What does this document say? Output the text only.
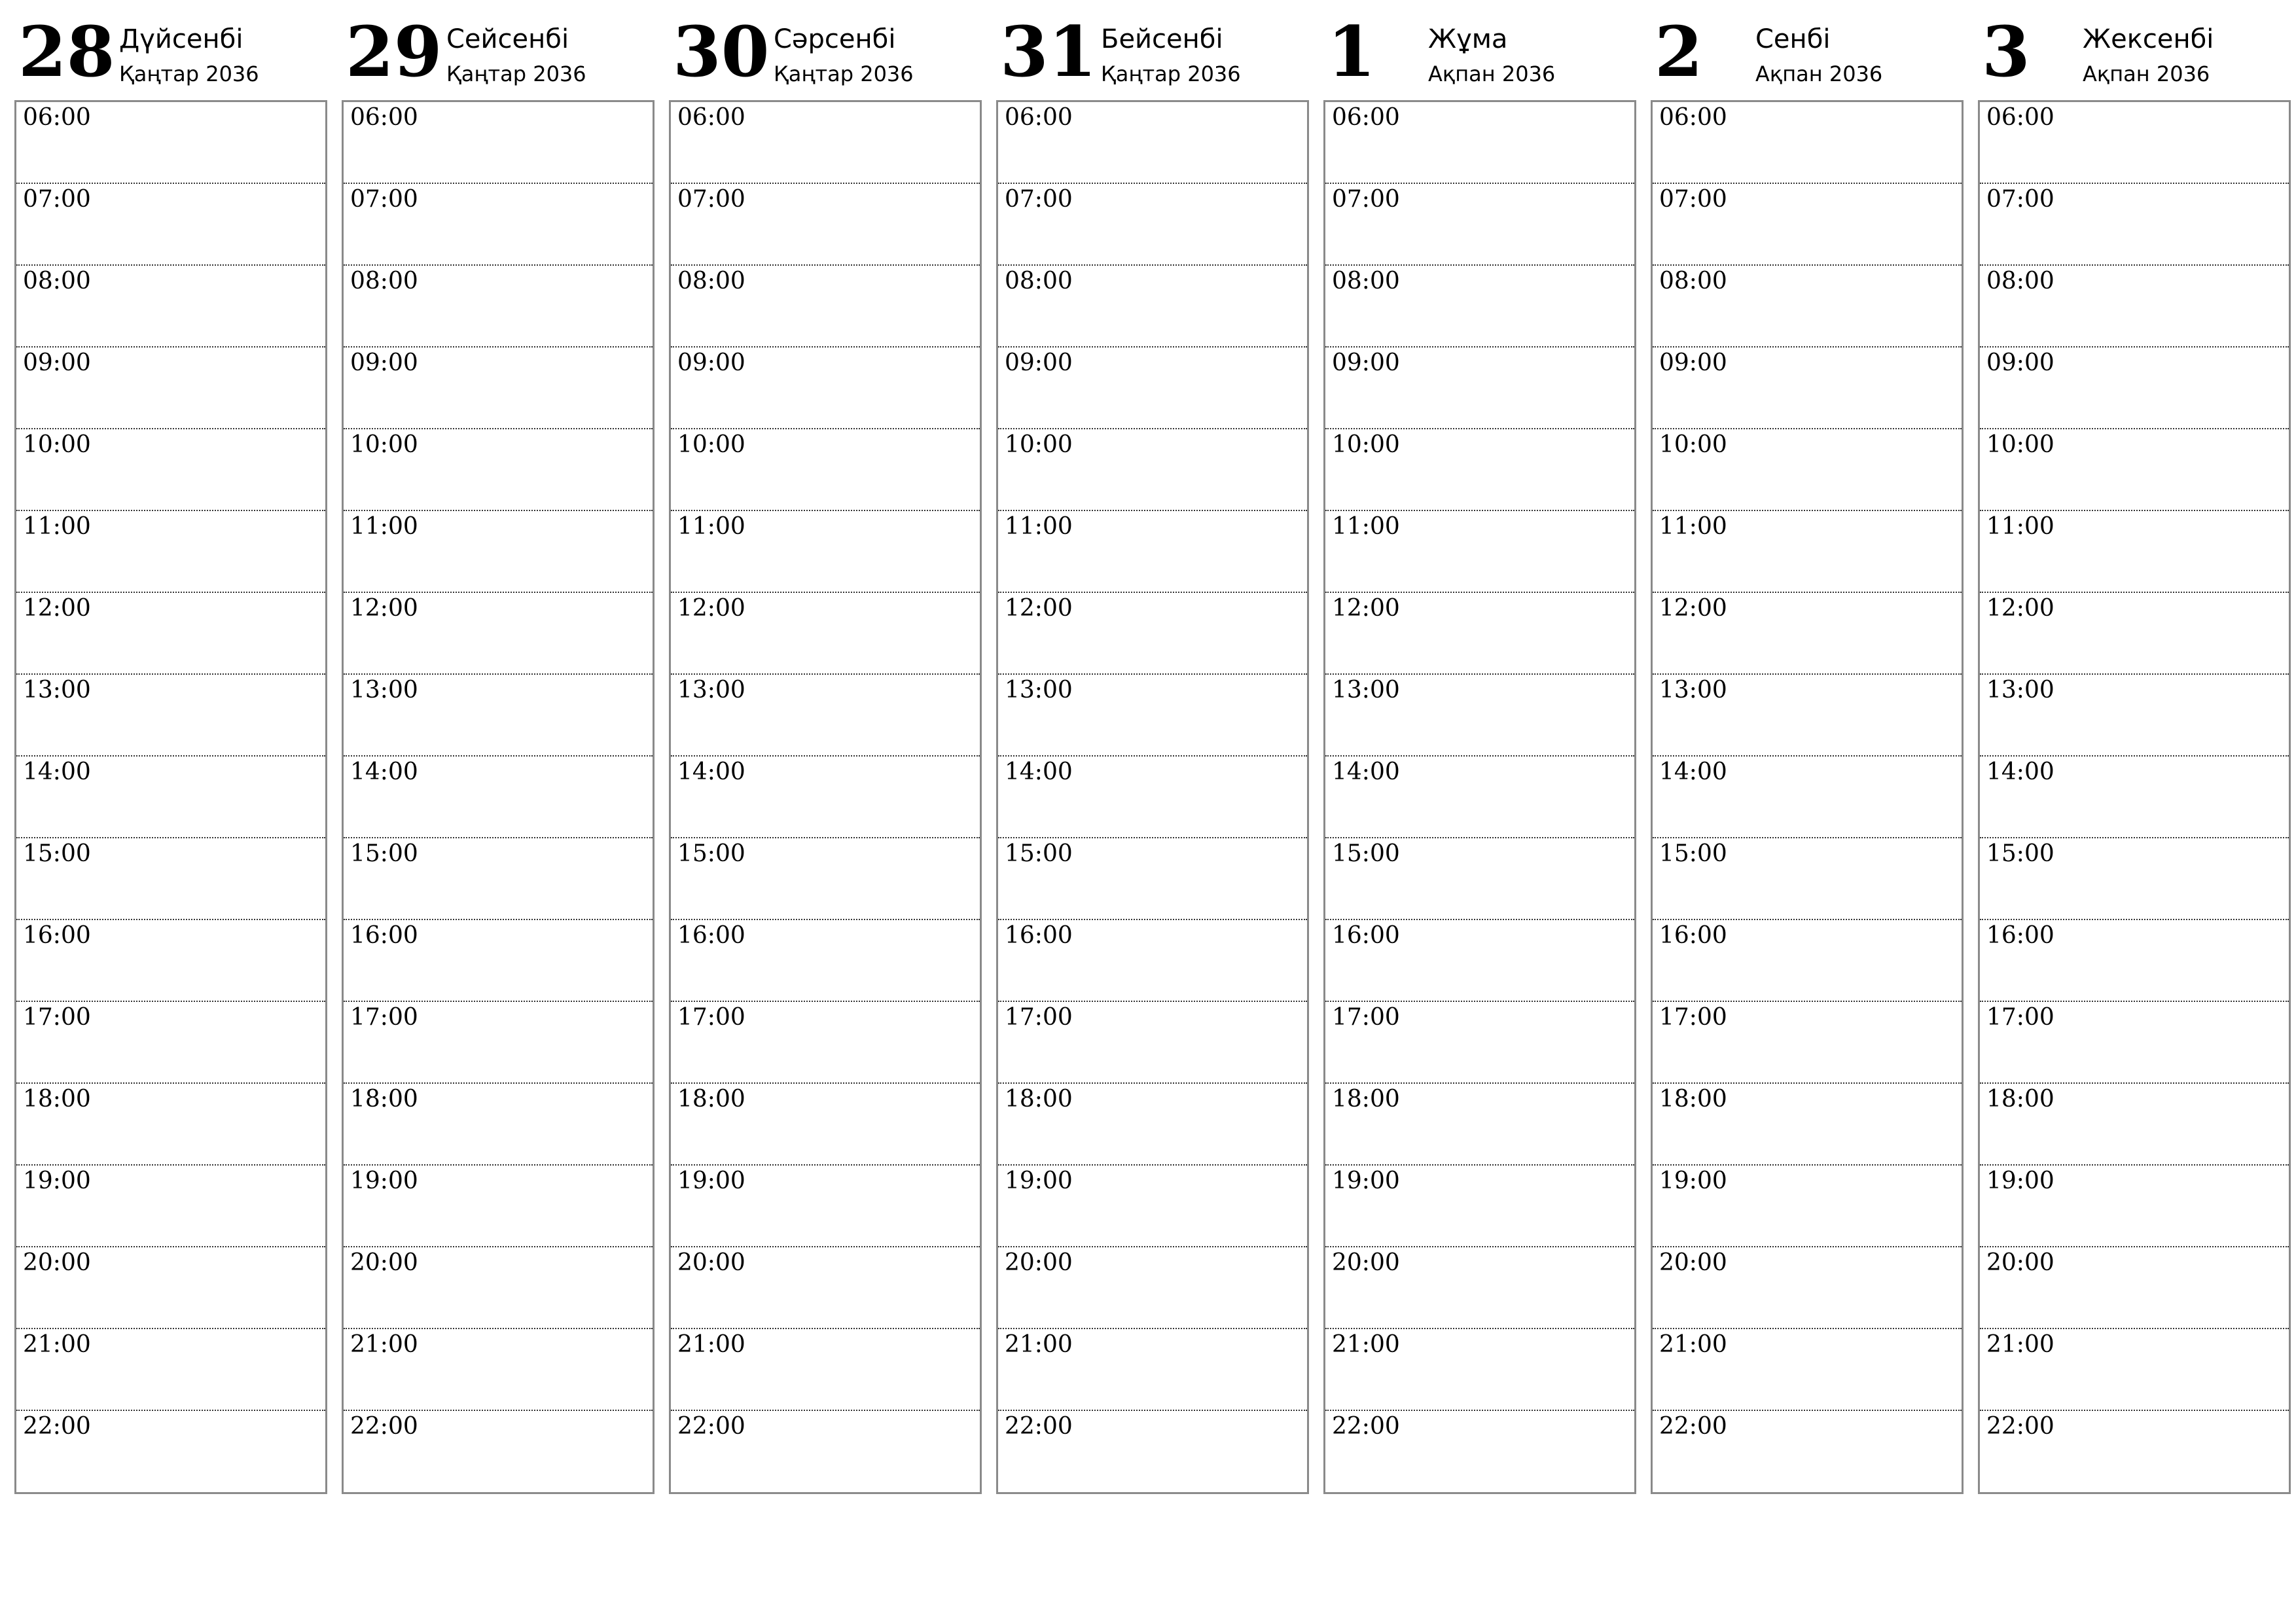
28 Дүйсенбі
Қаңтар 2036
06:00
07:00
08:00
09:00
10:00
11:00
12:00
13:00
14:00
15:00
16:00
17:00
18:00
19:00
20:00
21:00
22:00
29 Сейсенбі
Қаңтар 2036
06:00
07:00
08:00
09:00
10:00
11:00
12:00
13:00
14:00
15:00
16:00
17:00
18:00
19:00
20:00
21:00
22:00
30 Сәрсенбі
Қаңтар 2036
06:00
07:00
08:00
09:00
10:00
11:00
12:00
13:00
14:00
15:00
16:00
17:00
18:00
19:00
20:00
21:00
22:00
31 Бейсенбі
Қаңтар 2036
06:00
07:00
08:00
09:00
10:00
11:00
12:00
13:00
14:00
15:00
16:00
17:00
18:00
19:00
20:00
21:00
22:00
1 Жұма
Ақпан 2036
06:00
07:00
08:00
09:00
10:00
11:00
12:00
13:00
14:00
15:00
16:00
17:00
18:00
19:00
20:00
21:00
22:00
2 Сенбі
Ақпан 2036
06:00
07:00
08:00
09:00
10:00
11:00
12:00
13:00
14:00
15:00
16:00
17:00
18:00
19:00
20:00
21:00
22:00
3 Жексенбі
Ақпан 2036
06:00
07:00
08:00
09:00
10:00
11:00
12:00
13:00
14:00
15:00
16:00
17:00
18:00
19:00
20:00
21:00
22:00
